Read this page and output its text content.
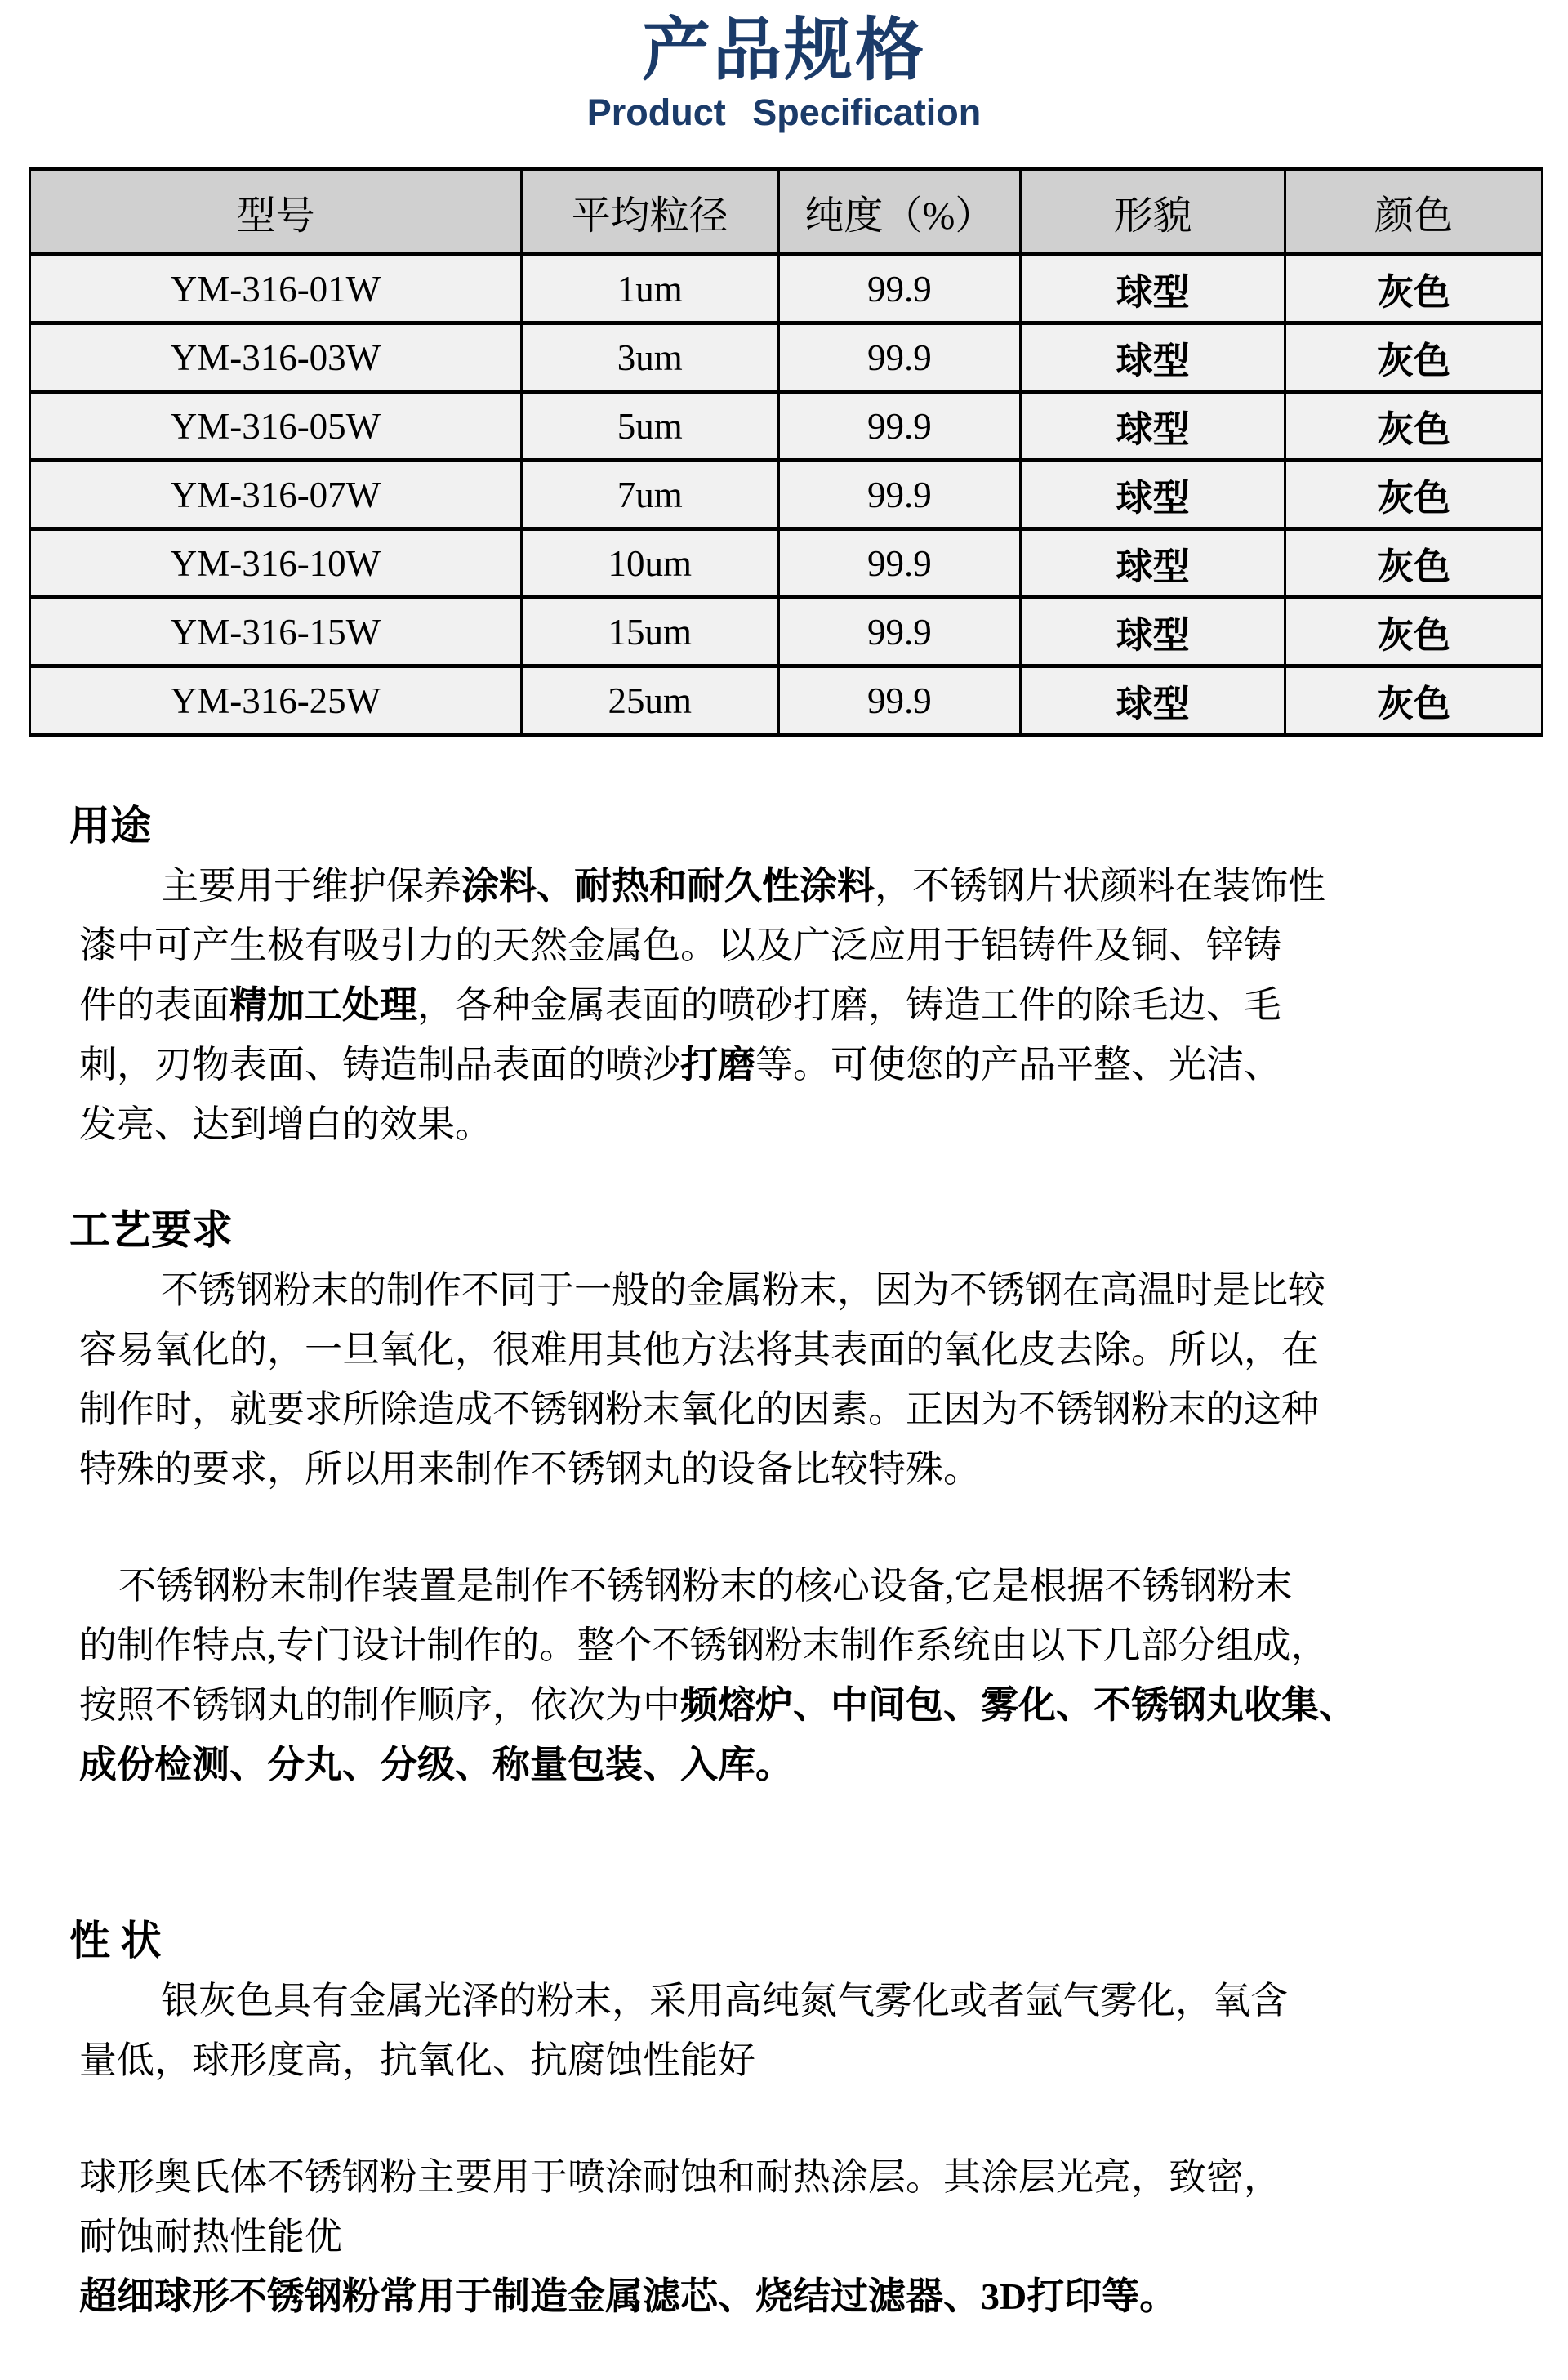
产品规格
Product Specification
型号	平均粒径	纯度（%）	形貌	颜色
YM-316-01W	1um	99.9	球型	灰色
YM-316-03W	3um	99.9	球型	灰色
YM-316-05W	5um	99.9	球型	灰色
YM-316-07W	7um	99.9	球型	灰色
YM-316-10W	10um	99.9	球型	灰色
YM-316-15W	15um	99.9	球型	灰色
YM-316-25W	25um	99.9	球型	灰色
用途
主要用于维护保养涂料、耐热和耐久性涂料，不锈钢片状颜料在装饰性
漆中可产生极有吸引力的天然金属色。以及广泛应用于铝铸件及铜、锌铸
件的表面精加工处理，各种金属表面的喷砂打磨，铸造工件的除毛边、毛
刺，刃物表面、铸造制品表面的喷沙打磨等。可使您的产品平整、光洁、
发亮、达到增白的效果。
工艺要求
不锈钢粉末的制作不同于一般的金属粉末，因为不锈钢在高温时是比较
容易氧化的，一旦氧化，很难用其他方法将其表面的氧化皮去除。所以，在
制作时，就要求所除造成不锈钢粉末氧化的因素。正因为不锈钢粉末的这种
特殊的要求，所以用来制作不锈钢丸的设备比较特殊。
不锈钢粉末制作装置是制作不锈钢粉末的核心设备,它是根据不锈钢粉末
的制作特点,专门设计制作的。整个不锈钢粉末制作系统由以下几部分组成，
按照不锈钢丸的制作顺序，依次为中频熔炉、中间包、雾化、不锈钢丸收集、
成份检测、分丸、分级、称量包装、入库。
性 状
银灰色具有金属光泽的粉末，采用高纯氮气雾化或者氩气雾化，氧含
量低，球形度高，抗氧化、抗腐蚀性能好
球形奥氏体不锈钢粉主要用于喷涂耐蚀和耐热涂层。其涂层光亮，致密，
耐蚀耐热性能优
超细球形不锈钢粉常用于制造金属滤芯、烧结过滤器、3D打印等。
